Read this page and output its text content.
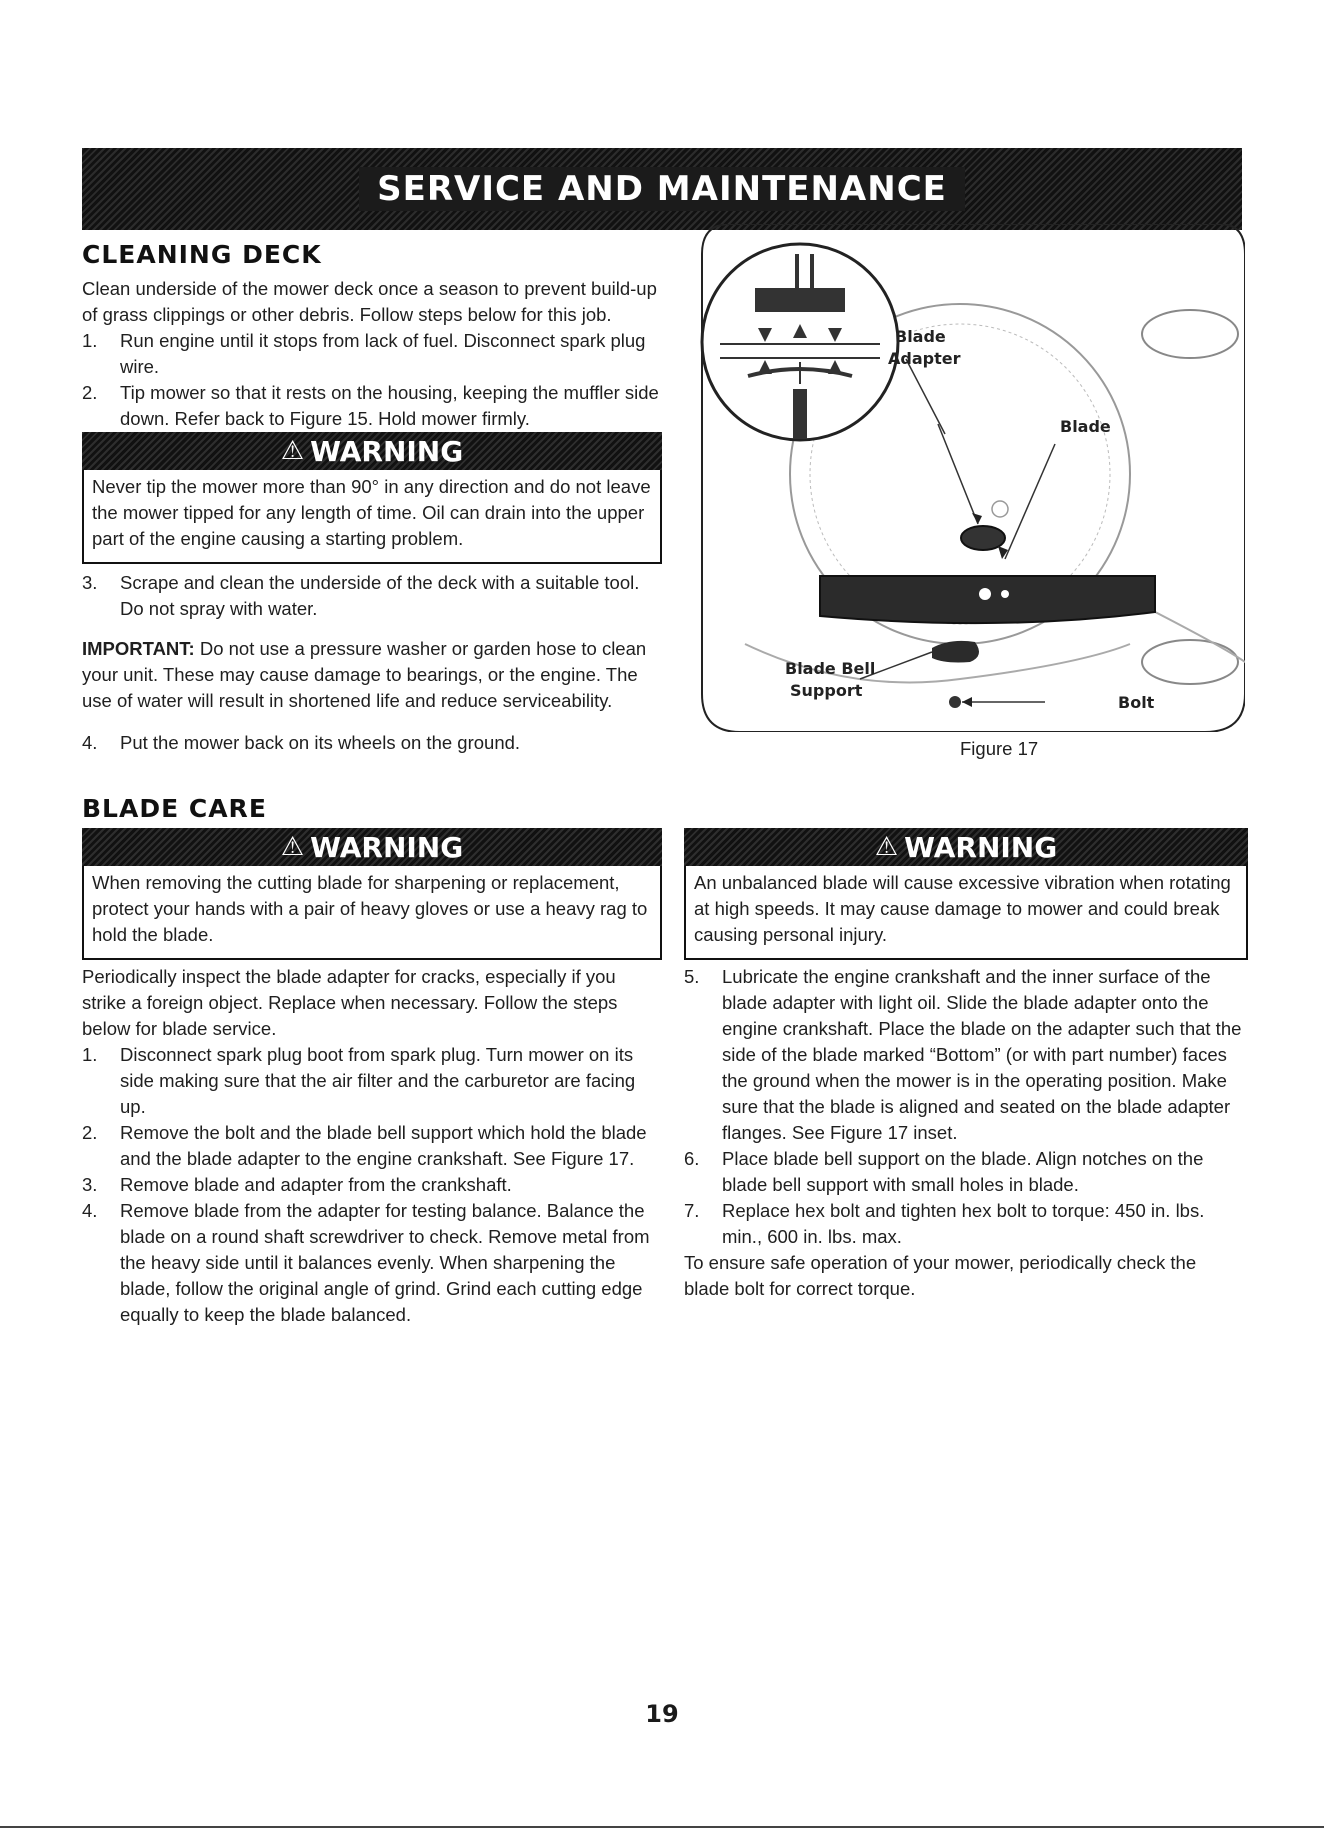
SERVICE AND MAINTENANCE
CLEANING DECK

Clean underside of the mower deck once a season to prevent build-up of grass clippings or other debris. Follow steps below for this job.

1.	Run engine until it stops from lack of fuel. Disconnect spark plug wire.
2.	Tip mower so that it rests on the housing, keeping the muffler side down. Refer back to Figure 15. Hold mower firmly.
⚠ WARNING
Never tip the mower more than 90° in any direction and do not leave the mower tipped for any length of time. Oil can drain into the upper part of the engine causing a starting problem.
3.	Scrape and clean the underside of the deck with a suitable tool. Do not spray with water.

IMPORTANT: Do not use a pressure washer or garden hose to clean your unit. These may cause damage to bearings, or the engine. The use of water will result in shortened life and reduce serviceability.

4.	Put the mower back on its wheels on the ground.
Blade
Adapter
Blade
Blade Bell
Support
Bolt
Figure 17
BLADE CARE
⚠ WARNING
When removing the cutting blade for sharpening or replacement, protect your hands with a pair of heavy gloves or use a heavy rag to hold the blade.

Periodically inspect the blade adapter for cracks, especially if you strike a foreign object. Replace when necessary. Follow the steps below for blade service.

1.	Disconnect spark plug boot from spark plug. Turn mower on its side making sure that the air filter and the carburetor are facing up.
2.	Remove the bolt and the blade bell support which hold the blade and the blade adapter to the engine crankshaft. See Figure 17.
3.	Remove blade and adapter from the crankshaft.
4.	Remove blade from the adapter for testing balance. Balance the blade on a round shaft screwdriver to check. Remove metal from the heavy side until it balances evenly. When sharpening the blade, follow the original angle of grind. Grind each cutting edge equally to keep the blade balanced.
⚠ WARNING
An unbalanced blade will cause excessive vibration when rotating at high speeds. It may cause damage to mower and could break causing personal injury.
5.	Lubricate the engine crankshaft and the inner surface of the blade adapter with light oil. Slide the blade adapter onto the engine crankshaft. Place the blade on the adapter such that the side of the blade marked “Bottom” (or with part number) faces the ground when the mower is in the operating position. Make sure that the blade is aligned and seated on the blade adapter flanges. See Figure 17 inset.
6.	Place blade bell support on the blade. Align notches on the blade bell support with small holes in blade.
7.	Replace hex bolt and tighten hex bolt to torque: 450 in. lbs. min., 600 in. lbs. max.

To ensure safe operation of your mower, periodically check the blade bolt for correct torque.

19
